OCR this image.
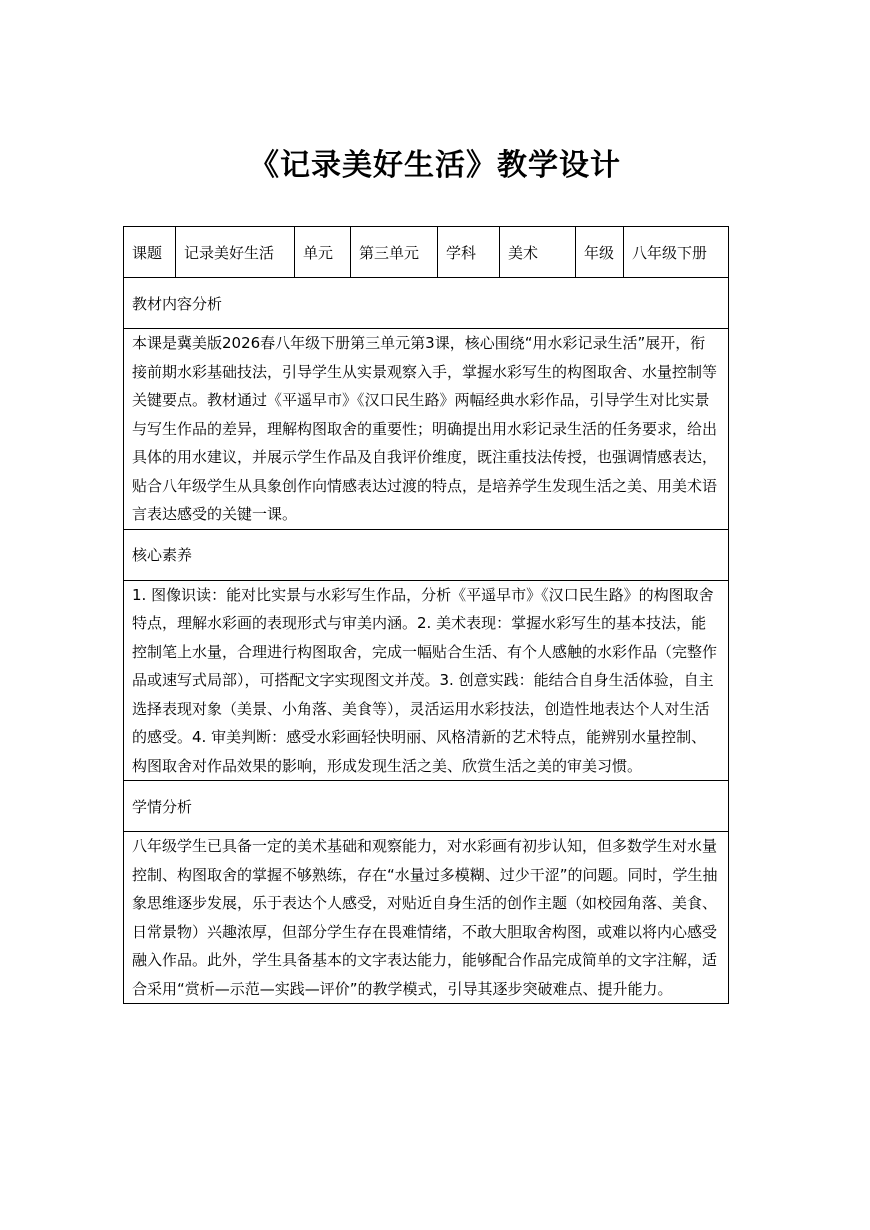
《记录美好生活》教学设计
课题	记录美好生活	单元	第三单元	学科	美术	年级	八年级下册
教材内容分析
本课是冀美版2026春八年级下册第三单元第3课，核心围绕“用水彩记录生活”展开，衔接前期水彩基础技法，引导学生从实景观察入手，掌握水彩写生的构图取舍、水量控制等关键要点。教材通过《平遥早市》《汉口民生路》两幅经典水彩作品，引导学生对比实景与写生作品的差异，理解构图取舍的重要性；明确提出用水彩记录生活的任务要求，给出具体的用水建议，并展示学生作品及自我评价维度，既注重技法传授，也强调情感表达，贴合八年级学生从具象创作向情感表达过渡的特点，是培养学生发现生活之美、用美术语言表达感受的关键一课。
核心素养
1. 图像识读：能对比实景与水彩写生作品，分析《平遥早市》《汉口民生路》的构图取舍特点，理解水彩画的表现形式与审美内涵。2. 美术表现：掌握水彩写生的基本技法，能控制笔上水量，合理进行构图取舍，完成一幅贴合生活、有个人感触的水彩作品（完整作品或速写式局部），可搭配文字实现图文并茂。3. 创意实践：能结合自身生活体验，自主选择表现对象（美景、小角落、美食等），灵活运用水彩技法，创造性地表达个人对生活的感受。4. 审美判断：感受水彩画轻快明丽、风格清新的艺术特点，能辨别水量控制、构图取舍对作品效果的影响，形成发现生活之美、欣赏生活之美的审美习惯。
学情分析
八年级学生已具备一定的美术基础和观察能力，对水彩画有初步认知，但多数学生对水量控制、构图取舍的掌握不够熟练，存在“水量过多模糊、过少干涩”的问题。同时，学生抽象思维逐步发展，乐于表达个人感受，对贴近自身生活的创作主题（如校园角落、美食、日常景物）兴趣浓厚，但部分学生存在畏难情绪，不敢大胆取舍构图，或难以将内心感受融入作品。此外，学生具备基本的文字表达能力，能够配合作品完成简单的文字注解，适合采用“赏析—示范—实践—评价”的教学模式，引导其逐步突破难点、提升能力。
